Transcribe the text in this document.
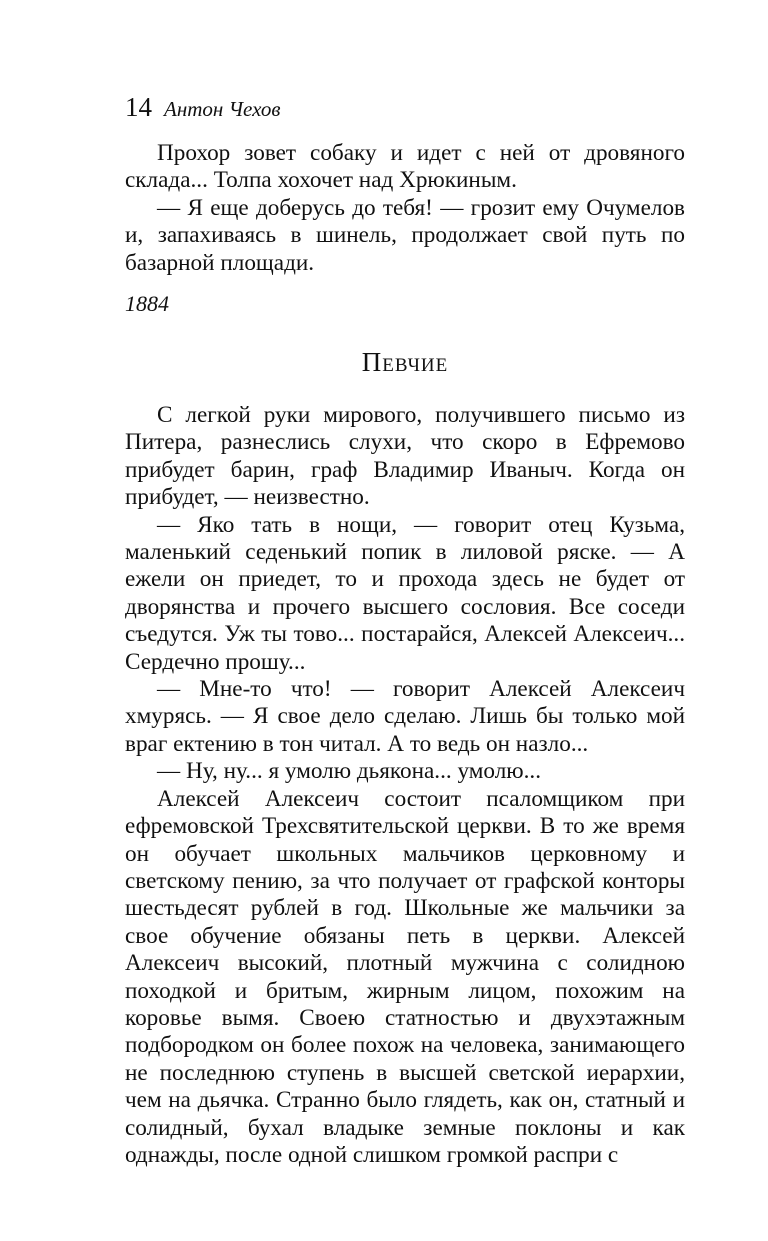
14 Антон Чехов

Прохор зовет собаку и идет с ней от дровяного склада... Толпа хохочет над Хрюкиным.

— Я еще доберусь до тебя! — грозит ему Очумелов и, запахиваясь в шинель, продолжает свой путь по базарной площади.

1884
Певчие

С легкой руки мирового, получившего письмо из Питера, разнеслись слухи, что скоро в Ефремово прибудет барин, граф Владимир Иваныч. Когда он прибудет, — неизвестно.

— Яко тать в нощи, — говорит отец Кузьма, маленький седенький попик в лиловой ряске. — А ежели он приедет, то и прохода здесь не будет от дворянства и прочего высшего сословия. Все соседи съедутся. Уж ты тово... постарайся, Алексей Алексеич... Сердечно прошу...

— Мне-то что! — говорит Алексей Алексеич хмурясь. — Я свое дело сделаю. Лишь бы только мой враг ектению в тон читал. А то ведь он назло...

— Ну, ну... я умолю дьякона... умолю...

Алексей Алексеич состоит псаломщиком при ефремовской Трехсвятительской церкви. В то же время он обучает школьных мальчиков церковному и светскому пению, за что получает от графской конторы шестьдесят рублей в год. Школьные же мальчики за свое обучение обязаны петь в церкви. Алексей Алексеич высокий, плотный мужчина с солидною походкой и бритым, жирным лицом, похожим на коровье вымя. Своею статностью и двухэтажным подбородком он более похож на человека, занимающего не последнюю ступень в высшей светской иерархии, чем на дьячка. Странно было глядеть, как он, статный и солидный, бухал владыке земные поклоны и как однажды, после одной слишком громкой распри с
